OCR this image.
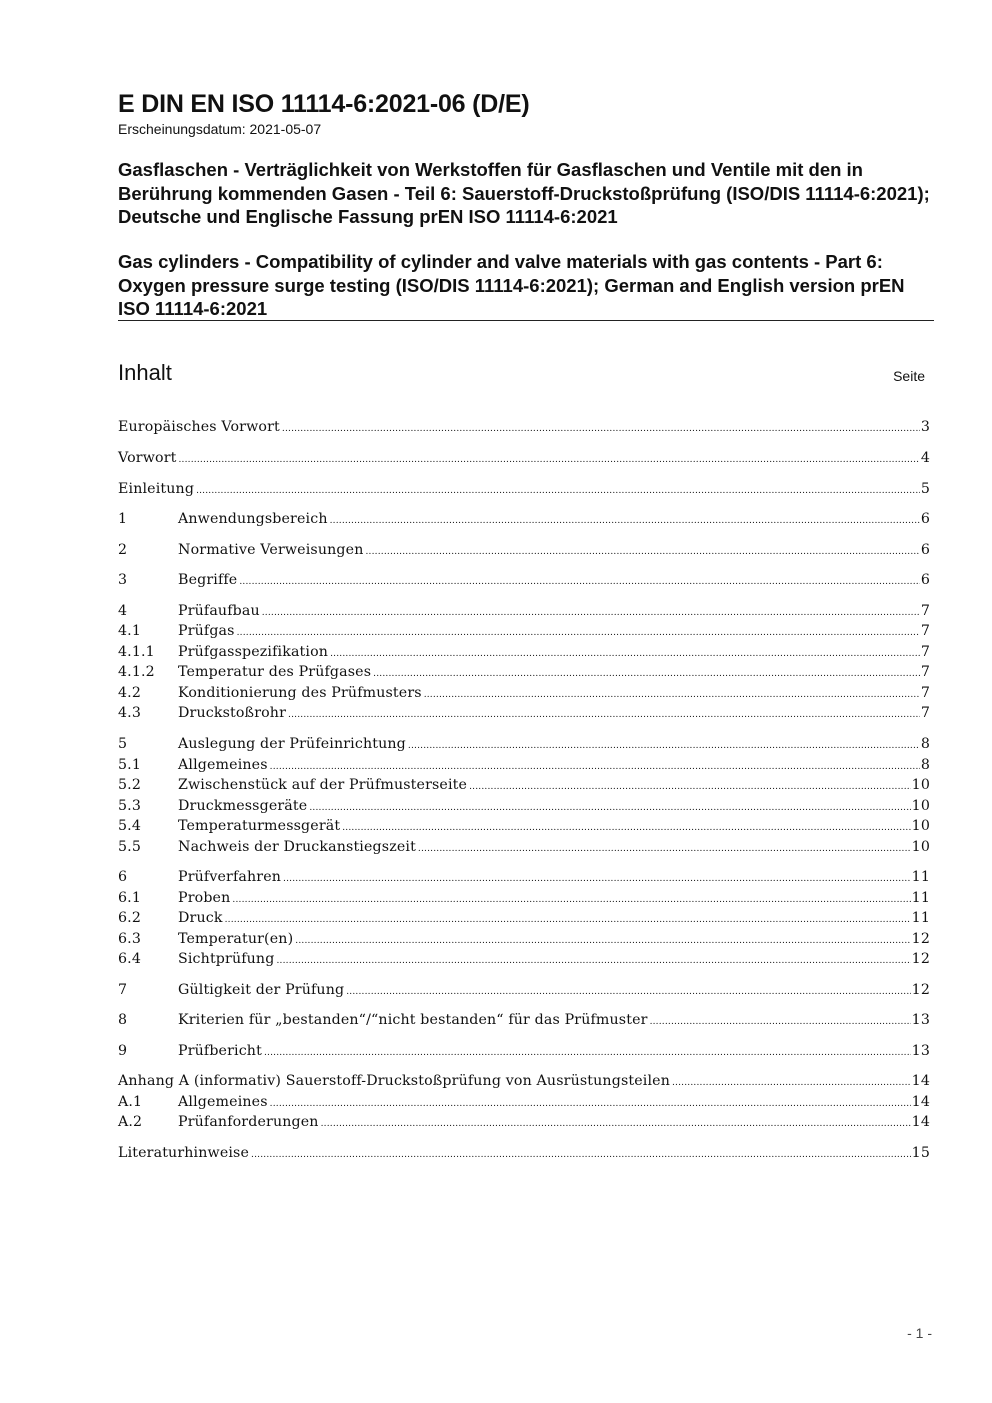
E DIN EN ISO 11114-6:2021-06 (D/E)
Erscheinungsdatum: 2021-05-07
Gasflaschen - Verträglichkeit von Werkstoffen für Gasflaschen und Ventile mit den in Berührung kommenden Gasen - Teil 6: Sauerstoff-Druckstoßprüfung (ISO/DIS 11114-6:2021); Deutsche und Englische Fassung prEN ISO 11114-6:2021
Gas cylinders - Compatibility of cylinder and valve materials with gas contents - Part 6: Oxygen pressure surge testing (ISO/DIS 11114-6:2021); German and English version prEN ISO 11114-6:2021
Inhalt	Seite
Europäisches Vorwort .....	3
Vorwort .....	4
Einleitung .....	5
1	Anwendungsbereich .....	6
2	Normative Verweisungen .....	6
3	Begriffe .....	6
4	Prüfaufbau .....	7
4.1	Prüfgas .....	7
4.1.1 Prüfgasspezifikation .....	7
4.1.2 Temperatur des Prüfgases .....	7
4.2	Konditionierung des Prüfmusters .....	7
4.3	Druckstoßrohr .....	7
5	Auslegung der Prüfeinrichtung .....	8
5.1	Allgemeines .....	8
5.2	Zwischenstück auf der Prüfmusterseite .....	10
5.3	Druckmessgeräte .....	10
5.4	Temperaturmessgerät .....	10
5.5	Nachweis der Druckanstiegszeit .....	10
6	Prüfverfahren .....	11
6.1	Proben .....	11
6.2	Druck .....	11
6.3	Temperatur(en) .....	12
6.4	Sichtprüfung .....	12
7	Gültigkeit der Prüfung .....	12
8	Kriterien für „bestanden“/“nicht bestanden“ für das Prüfmuster .....	13
9	Prüfbericht .....	13
Anhang A (informativ) Sauerstoff-Druckstoßprüfung von Ausrüstungsteilen .....	14
A.1	Allgemeines .....	14
A.2	Prüfanforderungen .....	14
Literaturhinweise .....	15
- 1 -
